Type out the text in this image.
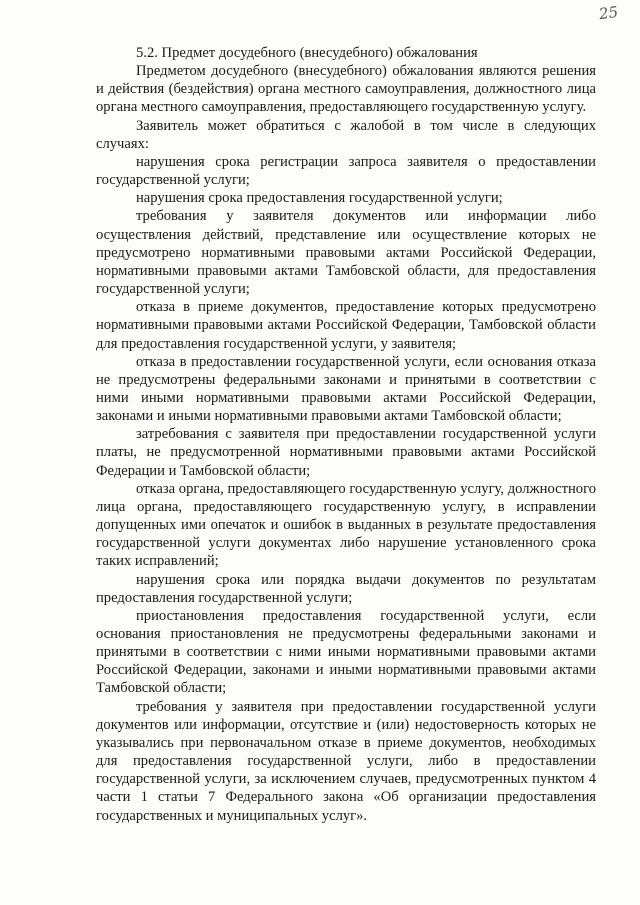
25

5.2. Предмет досудебного (внесудебного) обжалования

Предметом досудебного (внесудебного) обжалования являются решения и действия (бездействия) органа местного самоуправления, должностного лица органа местного самоуправления, предоставляющего государственную услугу.

Заявитель может обратиться с жалобой в том числе в следующих случаях:

нарушения срока регистрации запроса заявителя о предоставлении государственной услуги;

нарушения срока предоставления государственной услуги;

требования у заявителя документов или информации либо осуществления действий, представление или осуществление которых не предусмотрено нормативными правовыми актами Российской Федерации, нормативными правовыми актами Тамбовской области, для предоставления государственной услуги;

отказа в приеме документов, предоставление которых предусмотрено нормативными правовыми актами Российской Федерации, Тамбовской области для предоставления государственной услуги, у заявителя;

отказа в предоставлении государственной услуги, если основания отказа не предусмотрены федеральными законами и принятыми в соответствии с ними иными нормативными правовыми актами Российской Федерации, законами и иными нормативными правовыми актами Тамбовской области;

затребования с заявителя при предоставлении государственной услуги платы, не предусмотренной нормативными правовыми актами Российской Федерации и Тамбовской области;

отказа органа, предоставляющего государственную услугу, должностного лица органа, предоставляющего государственную услугу, в исправлении допущенных ими опечаток и ошибок в выданных в результате предоставления государственной услуги документах либо нарушение установленного срока таких исправлений;

нарушения срока или порядка выдачи документов по результатам предоставления государственной услуги;

приостановления предоставления государственной услуги, если основания приостановления не предусмотрены федеральными законами и принятыми в соответствии с ними иными нормативными правовыми актами Российской Федерации, законами и иными нормативными правовыми актами Тамбовской области;

требования у заявителя при предоставлении государственной услуги документов или информации, отсутствие и (или) недостоверность которых не указывались при первоначальном отказе в приеме документов, необходимых для предоставления государственной услуги, либо в предоставлении государственной услуги, за исключением случаев, предусмотренных пунктом 4 части 1 статьи 7 Федерального закона «Об организации предоставления государственных и муниципальных услуг».
